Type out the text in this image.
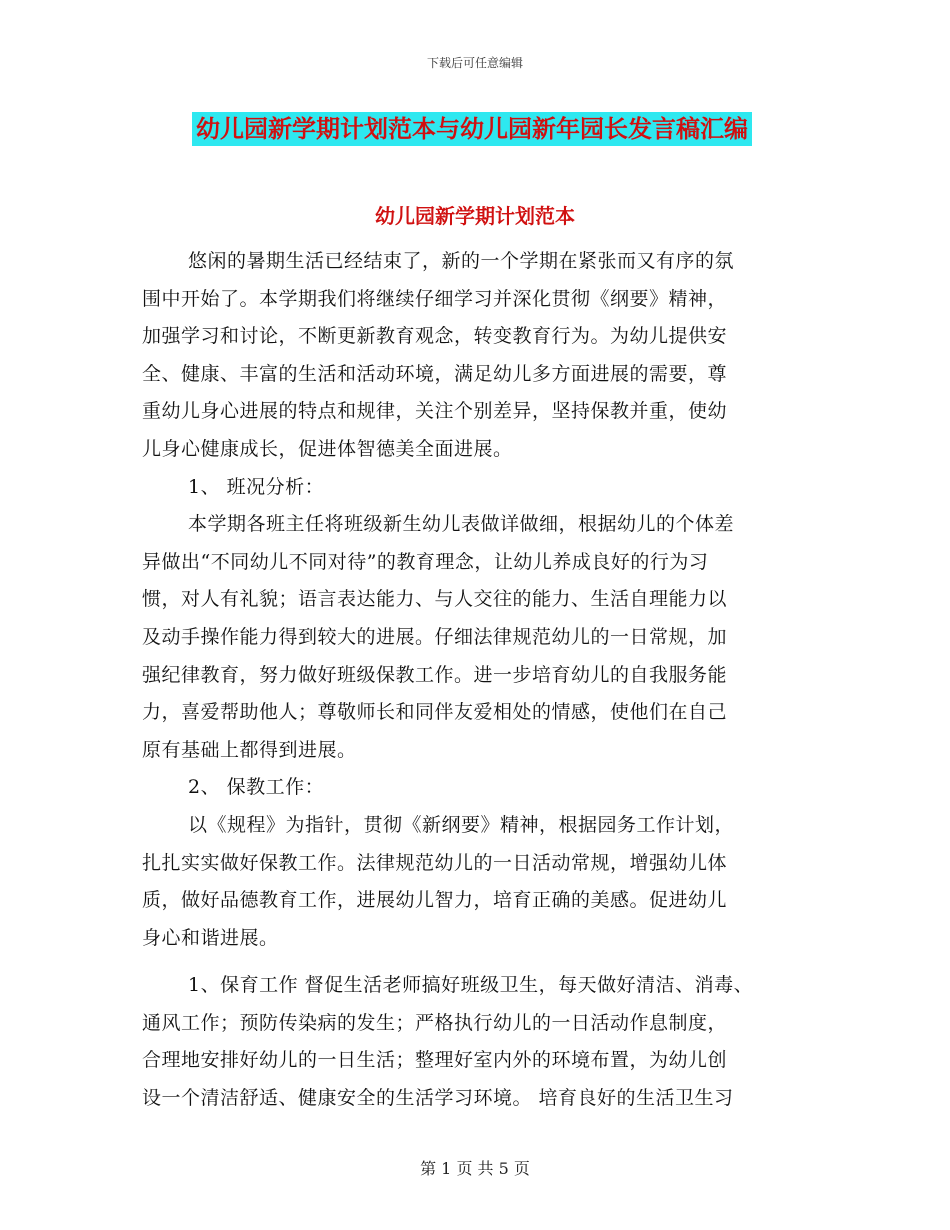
下载后可任意编辑
幼儿园新学期计划范本与幼儿园新年园长发言稿汇编
幼儿园新学期计划范本

悠闲的暑期生活已经结束了，新的一个学期在紧张而又有序的氛
围中开始了。本学期我们将继续仔细学习并深化贯彻《纲要》精神，
加强学习和讨论，不断更新教育观念，转变教育行为。为幼儿提供安
全、健康、丰富的生活和活动环境，满足幼儿多方面进展的需要，尊
重幼儿身心进展的特点和规律，关注个别差异，坚持保教并重，使幼
儿身心健康成长，促进体智德美全面进展。

1、 班况分析：

本学期各班主任将班级新生幼儿表做详做细，根据幼儿的个体差
异做出“不同幼儿不同对待”的教育理念，让幼儿养成良好的行为习
惯，对人有礼貌；语言表达能力、与人交往的能力、生活自理能力以
及动手操作能力得到较大的进展。仔细法律规范幼儿的一日常规，加
强纪律教育，努力做好班级保教工作。进一步培育幼儿的自我服务能
力，喜爱帮助他人；尊敬师长和同伴友爱相处的情感，使他们在自己
原有基础上都得到进展。

2、 保教工作：

以《规程》为指针，贯彻《新纲要》精神，根据园务工作计划，
扎扎实实做好保教工作。法律规范幼儿的一日活动常规，增强幼儿体
质，做好品德教育工作，进展幼儿智力，培育正确的美感。促进幼儿
身心和谐进展。

1、保育工作 督促生活老师搞好班级卫生，每天做好清洁、消毒、
通风工作；预防传染病的发生；严格执行幼儿的一日活动作息制度，
合理地安排好幼儿的一日生活；整理好室内外的环境布置，为幼儿创
设一个清洁舒适、健康安全的生活学习环境。 培育良好的生活卫生习

第 1 页 共 5 页
